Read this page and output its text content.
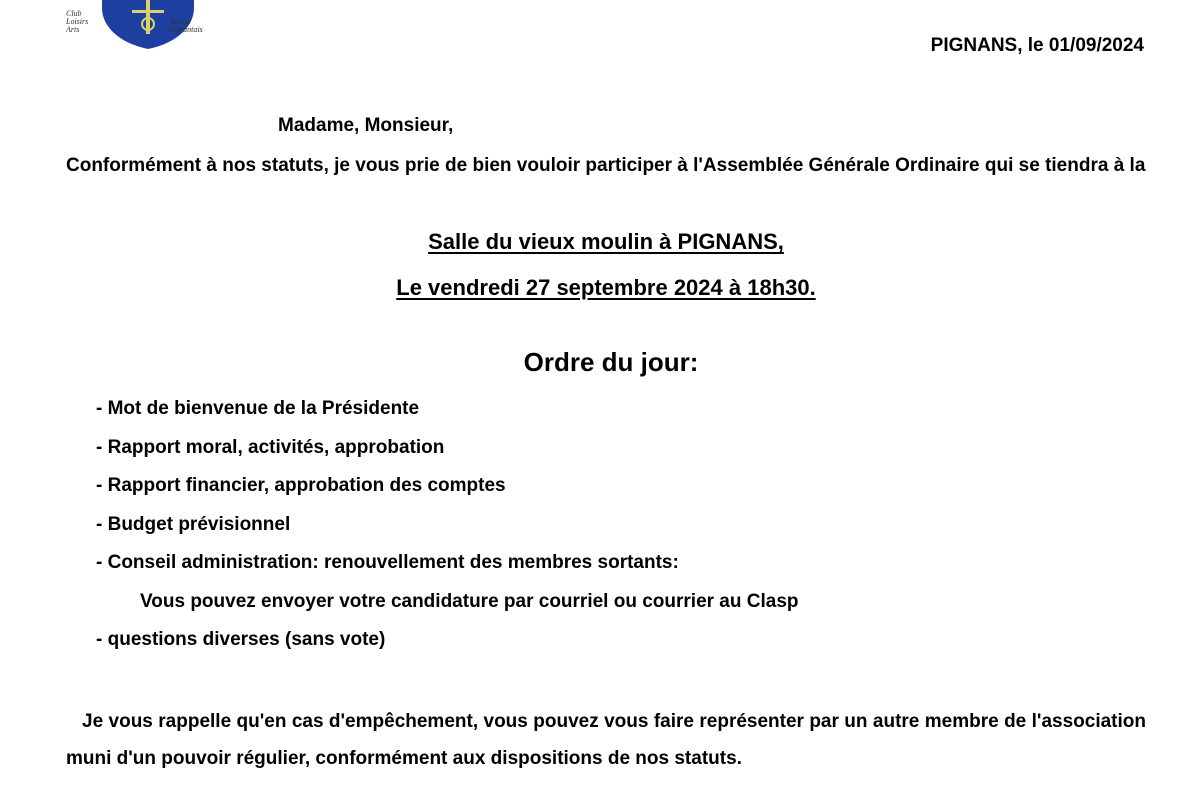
Club
Loisirs
Arts
Sports
Pignantais
PIGNANS, le 01/09/2024
Madame, Monsieur,
Conformément à nos statuts, je vous prie de bien vouloir participer à l'Assemblée Générale Ordinaire qui se tiendra à la
Salle du vieux moulin à PIGNANS,
Le vendredi 27 septembre 2024 à 18h30.
Ordre du jour:
- Mot de bienvenue de la Présidente
- Rapport moral, activités, approbation
- Rapport financier, approbation des comptes
- Budget prévisionnel
- Conseil administration: renouvellement des membres sortants:
Vous pouvez envoyer votre candidature par courriel ou courrier au Clasp
- questions diverses (sans vote)
Je vous rappelle qu'en cas d'empêchement, vous pouvez vous faire représenter par un autre membre de l'association muni d'un pouvoir régulier, conformément aux dispositions de nos statuts.
